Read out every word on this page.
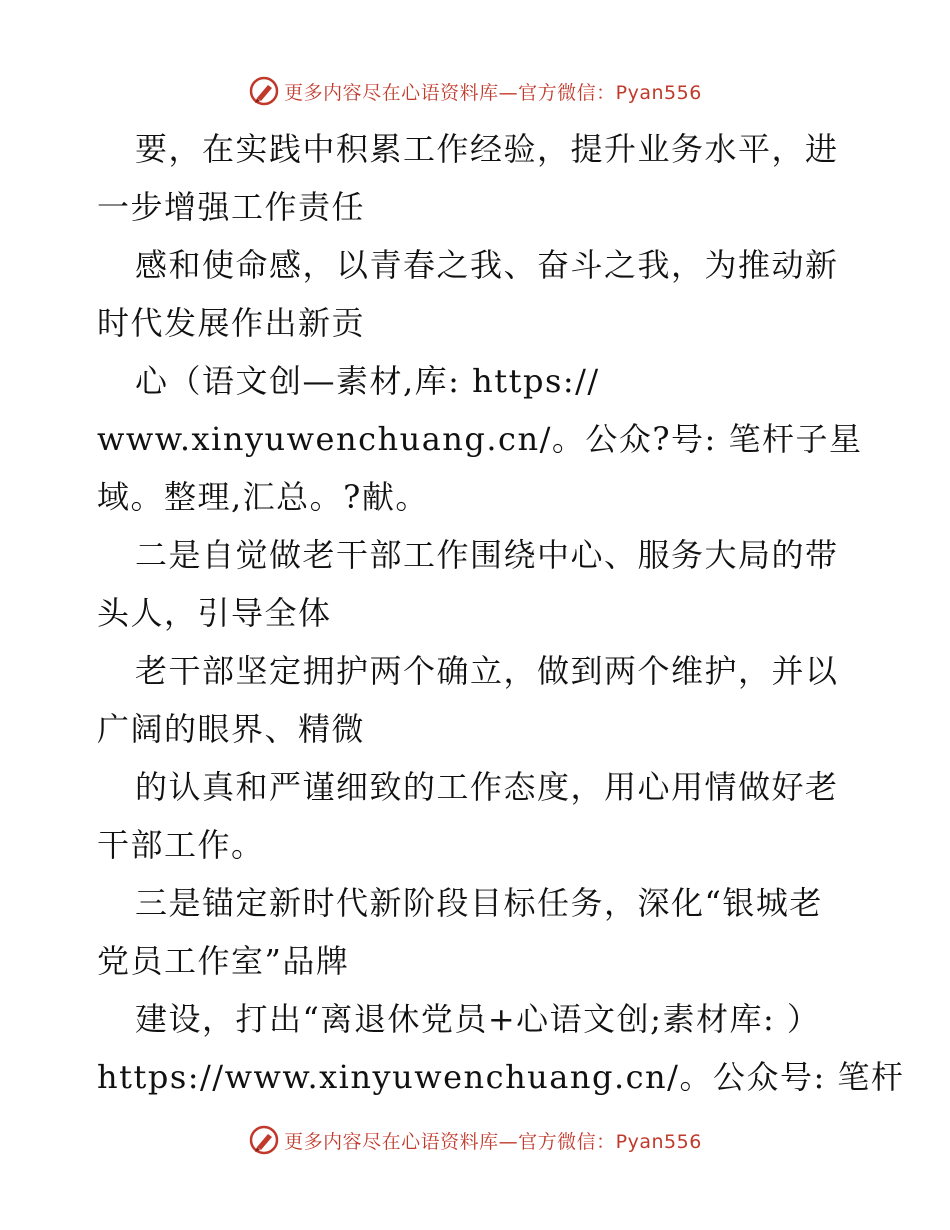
更多内容尽在心语资料库—官方微信：Pyan556
要，在实践中积累工作经验，提升业务水平，进
一步增强工作责任
感和使命感，以青春之我、奋斗之我，为推动新
时代发展作出新贡
心（语文创—素材,库: https://
www.xinyuwenchuang.cn/。公众?号: 笔杆子星
域。整理,汇总。?献。
二是自觉做老干部工作围绕中心、服务大局的带
头人，引导全体
老干部坚定拥护两个确立，做到两个维护，并以
广阔的眼界、精微
的认真和严谨细致的工作态度，用心用情做好老
干部工作。
三是锚定新时代新阶段目标任务，深化“银城老
党员工作室”品牌
建设，打出“离退休党员+心语文创;素材库: ）
https://www.xinyuwenchuang.cn/。公众号: 笔杆
更多内容尽在心语资料库—官方微信：Pyan556
